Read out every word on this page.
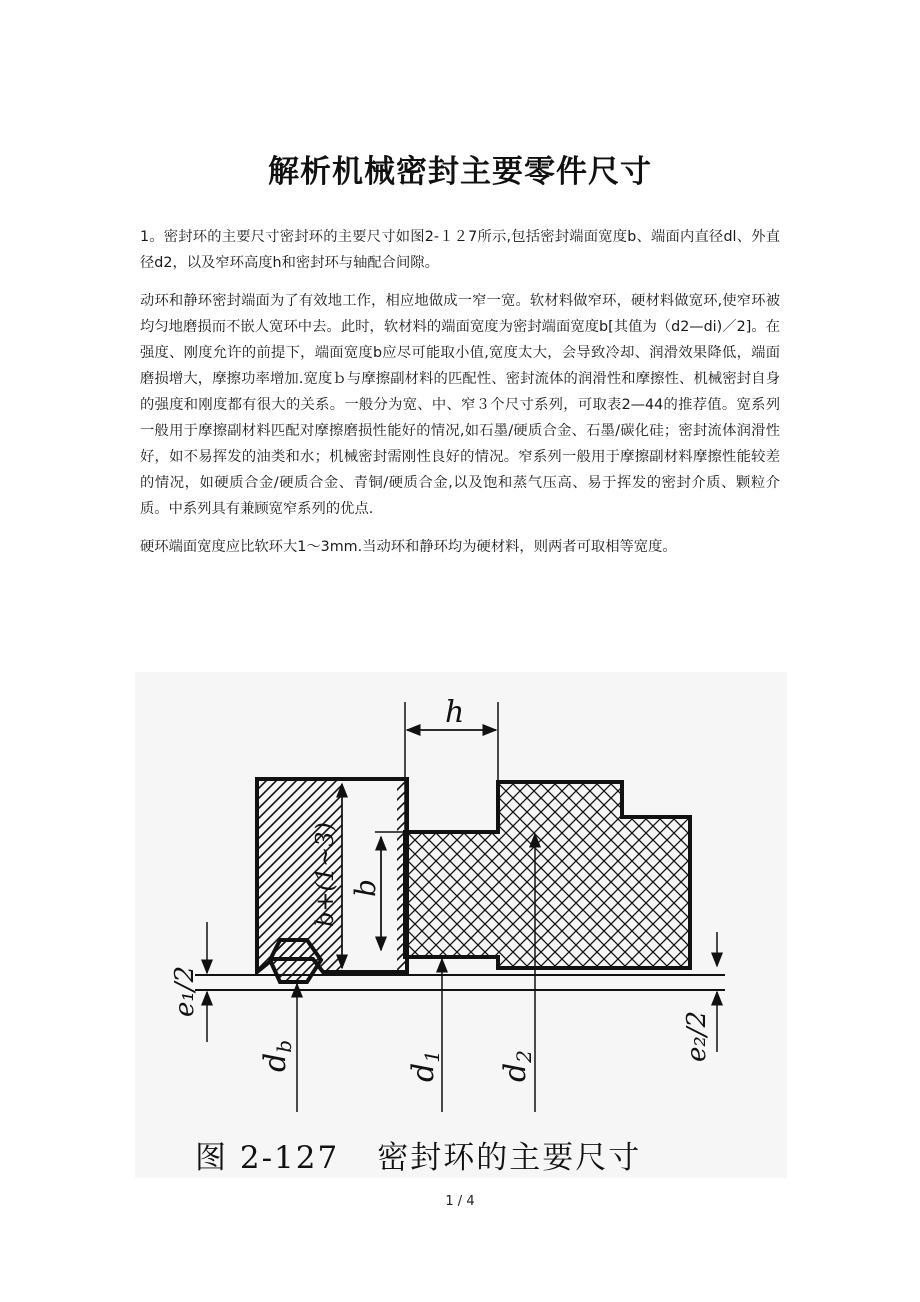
解析机械密封主要零件尺寸

1。密封环的主要尺寸密封环的主要尺寸如图2-１２7所示,包括密封端面宽度b、端面内直径dl、外直径d2，以及窄环高度h和密封环与轴配合间隙。

动环和静环密封端面为了有效地工作，相应地做成一窄一宽。软材料做窄环，硬材料做宽环,使窄环被均匀地磨损而不嵌人宽环中去。此时，软材料的端面宽度为密封端面宽度b[其值为（d2—di)／2]。在强度、刚度允许的前提下，端面宽度b应尽可能取小值,宽度太大，会导致冷却、润滑效果降低，端面磨损增大，摩擦功率增加.宽度ｂ与摩擦副材料的匹配性、密封流体的润滑性和摩擦性、机械密封自身的强度和刚度都有很大的关系。一般分为宽、中、窄３个尺寸系列，可取表2—44的推荐值。宽系列一般用于摩擦副材料匹配对摩擦磨损性能好的情况,如石墨/硬质合金、石墨/碳化硅；密封流体润滑性好，如不易挥发的油类和水；机械密封需刚性良好的情况。窄系列一般用于摩擦副材料摩擦性能较差的情况，如硬质合金/硬质合金、青铜/硬质合金,以及饱和蒸气压高、易于挥发的密封介质、颗粒介质。中系列具有兼顾宽窄系列的优点.

硬环端面宽度应比软环大1～3mm.当动环和静环均为硬材料，则两者可取相等宽度。

h
b
b+(1~3)
e₁/2
e₂/2
$d_b$
$d_1$
$d_2$
图 2-127 密封环的主要尺寸
1 / 4
